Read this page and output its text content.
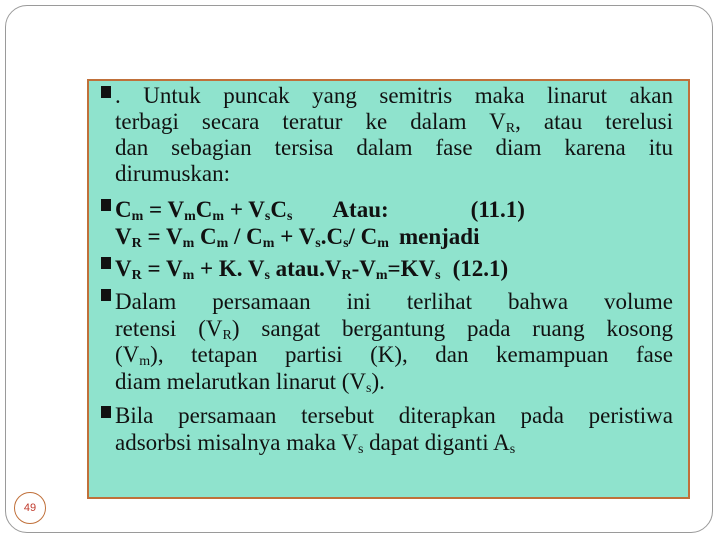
. Untuk puncak yang semitris maka linarut akan
terbagi secara teratur ke dalam $V_R$, atau terelusi
dan sebagian tersisa dalam fase diam karena itu
dirumuskan:
$C_m = V_mC_m + V_sC_s$ Atau:	(11.1)
$V_R = V_m$ $C_m / C_m + V_s.C_s/$ $C_m$ menjadi
$V_R = V_m + K$. $V_s$ $atau.V_R-V_m=KV_s$ (12.1)
Dalam persamaan ini terlihat bahwa volume
retensi $(V_R)$ sangat bergantung pada ruang kosong
$(V_m)$, tetapan partisi (K), dan kemampuan fase
diam melarutkan linarut $(V_s)$.
Bila persamaan tersebut diterapkan pada peristiwa
adsorbsi misalnya maka $V_s$ dapat diganti $A_s$
49
